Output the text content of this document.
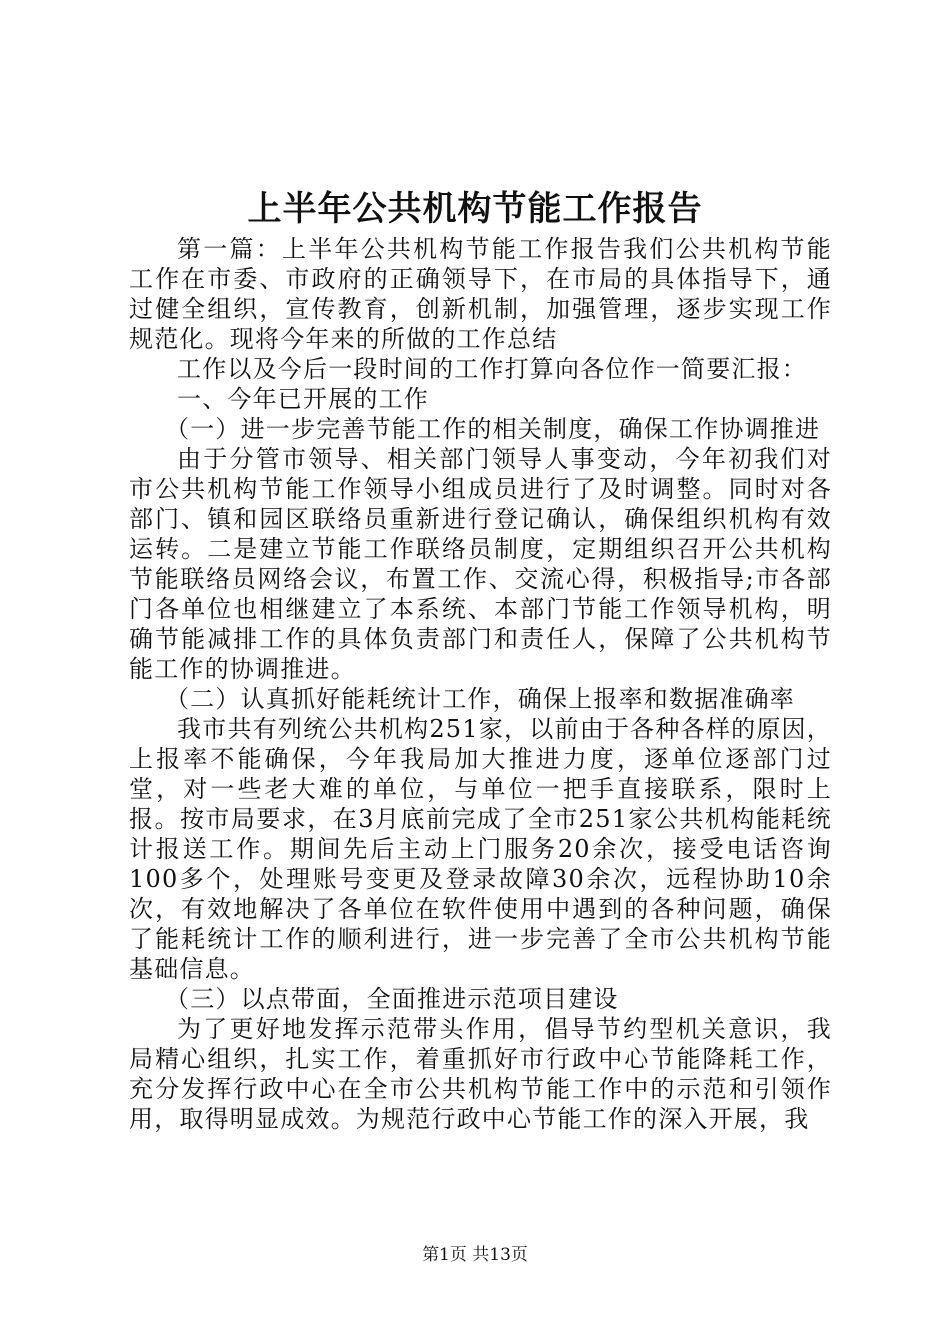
上半年公共机构节能工作报告

第一篇：上半年公共机构节能工作报告我们公共机构节能工作在市委、市政府的正确领导下，在市局的具体指导下，通过健全组织，宣传教育，创新机制，加强管理，逐步实现工作规范化。现将今年来的所做的工作总结

工作以及今后一段时间的工作打算向各位作一简要汇报：

一、今年已开展的工作

（一）进一步完善节能工作的相关制度，确保工作协调推进

由于分管市领导、相关部门领导人事变动，今年初我们对市公共机构节能工作领导小组成员进行了及时调整。同时对各部门、镇和园区联络员重新进行登记确认，确保组织机构有效运转。二是建立节能工作联络员制度，定期组织召开公共机构节能联络员网络会议，布置工作、交流心得，积极指导;市各部门各单位也相继建立了本系统、本部门节能工作领导机构，明确节能减排工作的具体负责部门和责任人，保障了公共机构节能工作的协调推进。

（二）认真抓好能耗统计工作，确保上报率和数据准确率

我市共有列统公共机构251家，以前由于各种各样的原因，上报率不能确保，今年我局加大推进力度，逐单位逐部门过堂，对一些老大难的单位，与单位一把手直接联系，限时上报。按市局要求，在3月底前完成了全市251家公共机构能耗统计报送工作。期间先后主动上门服务20余次，接受电话咨询100多个，处理账号变更及登录故障30余次，远程协助10余次，有效地解决了各单位在软件使用中遇到的各种问题，确保了能耗统计工作的顺利进行，进一步完善了全市公共机构节能基础信息。

（三）以点带面，全面推进示范项目建设

为了更好地发挥示范带头作用，倡导节约型机关意识，我局精心组织，扎实工作，着重抓好市行政中心节能降耗工作，充分发挥行政中心在全市公共机构节能工作中的示范和引领作用，取得明显成效。为规范行政中心节能工作的深入开展，我

第1页 共13页
